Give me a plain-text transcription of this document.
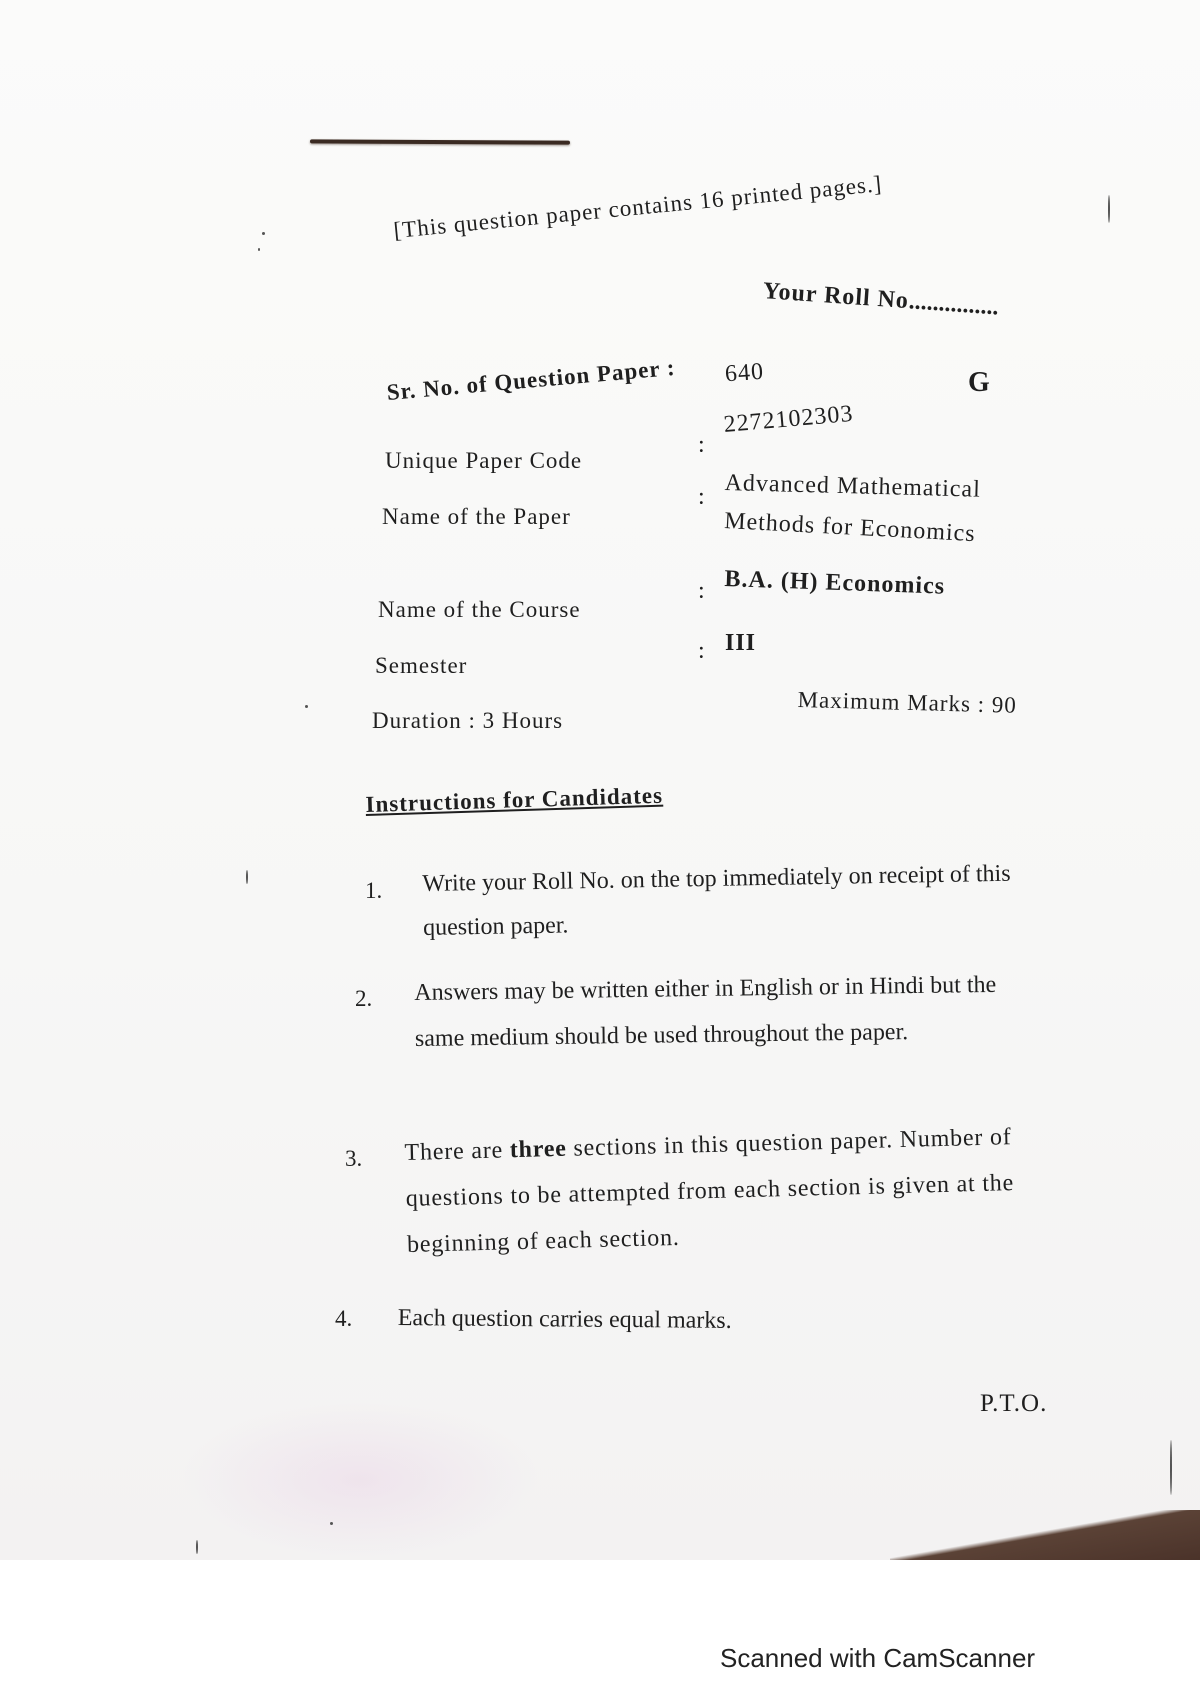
[This question paper contains 16 printed pages.]
Your Roll No...............
Sr. No. of Question Paper : 640	G
Unique Paper Code
:
2272102303
Name of the Paper
: Advanced Mathematical
Methods for Economics
Name of the Course
: B.A. (H) Economics
Semester
: III
Duration : 3 Hours
Maximum Marks : 90
Instructions for Candidates
1. Write your Roll No. on the top immediately on receipt of this question paper.
2. Answers may be written either in English or in Hindi but the same medium should be used throughout the paper.
3. There are three sections in this question paper. Number of questions to be attempted from each section is given at the beginning of each section.
4. Each question carries equal marks.
P.T.O.
Scanned with CamScanner
